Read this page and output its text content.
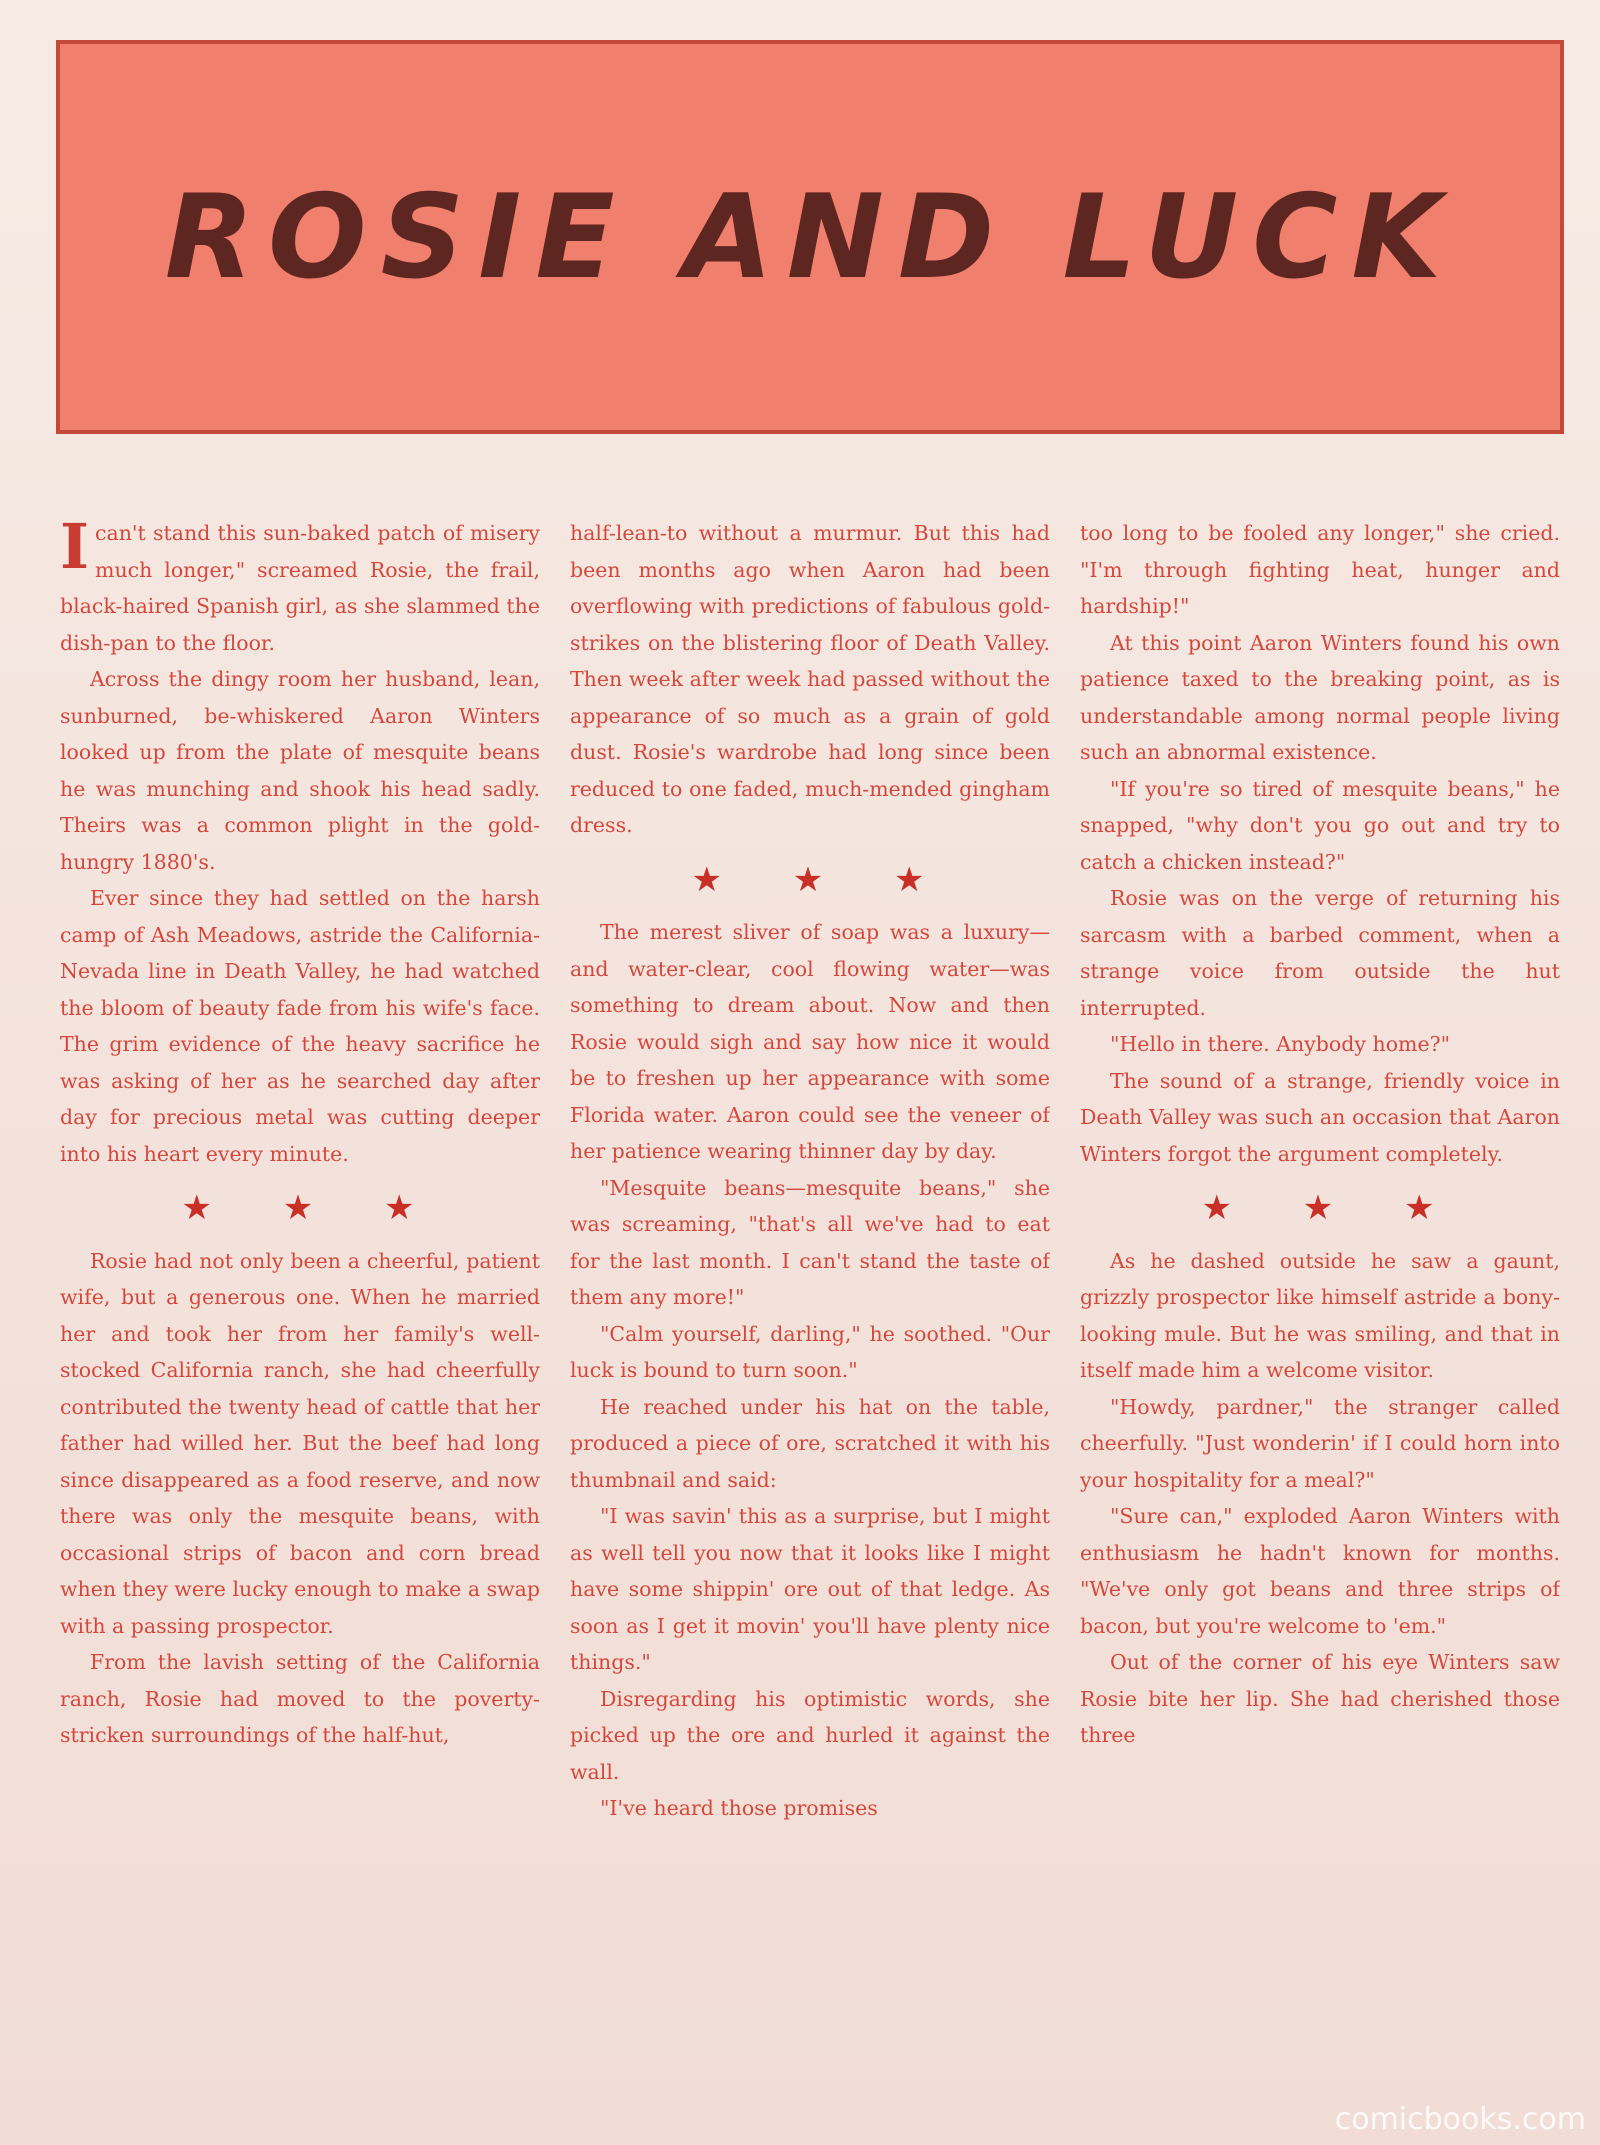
ROSIE AND LUCK

Ican't stand this sun-baked patch of misery much longer," screamed Rosie, the frail, black-haired Spanish girl, as she slammed the dish-pan to the floor.

Across the dingy room her husband, lean, sunburned, be-whiskered Aaron Winters looked up from the plate of mesquite beans he was munching and shook his head sadly. Theirs was a common plight in the gold-hungry 1880's.

Ever since they had settled on the harsh camp of Ash Meadows, astride the California-Nevada line in Death Valley, he had watched the bloom of beauty fade from his wife's face. The grim evidence of the heavy sacrifice he was asking of her as he searched day after day for precious metal was cutting deeper into his heart every minute.

★ ★ ★

Rosie had not only been a cheerful, patient wife, but a generous one. When he married her and took her from her family's well-stocked California ranch, she had cheerfully contributed the twenty head of cattle that her father had willed her. But the beef had long since disappeared as a food reserve, and now there was only the mesquite beans, with occasional strips of bacon and corn bread when they were lucky enough to make a swap with a passing prospector.

From the lavish setting of the California ranch, Rosie had moved to the poverty-stricken surroundings of the half-hut,

half-lean-to without a murmur. But this had been months ago when Aaron had been overflowing with predictions of fabulous gold-strikes on the blistering floor of Death Valley. Then week after week had passed without the appearance of so much as a grain of gold dust. Rosie's wardrobe had long since been reduced to one faded, much-mended gingham dress.

★ ★ ★

The merest sliver of soap was a luxury—and water-clear, cool flowing water—was something to dream about. Now and then Rosie would sigh and say how nice it would be to freshen up her appearance with some Florida water. Aaron could see the veneer of her patience wearing thinner day by day.

"Mesquite beans—mesquite beans," she was screaming, "that's all we've had to eat for the last month. I can't stand the taste of them any more!"

"Calm yourself, darling," he soothed. "Our luck is bound to turn soon."

He reached under his hat on the table, produced a piece of ore, scratched it with his thumbnail and said:

"I was savin' this as a surprise, but I might as well tell you now that it looks like I might have some shippin' ore out of that ledge. As soon as I get it movin' you'll have plenty nice things."

Disregarding his optimistic words, she picked up the ore and hurled it against the wall.

"I've heard those promises

too long to be fooled any longer," she cried. "I'm through fighting heat, hunger and hardship!"

At this point Aaron Winters found his own patience taxed to the breaking point, as is understandable among normal people living such an abnormal existence.

"If you're so tired of mesquite beans," he snapped, "why don't you go out and try to catch a chicken instead?"

Rosie was on the verge of returning his sarcasm with a barbed comment, when a strange voice from outside the hut interrupted.

"Hello in there. Anybody home?"

The sound of a strange, friendly voice in Death Valley was such an occasion that Aaron Winters forgot the argument completely.

★ ★ ★

As he dashed outside he saw a gaunt, grizzly prospector like himself astride a bony-looking mule. But he was smiling, and that in itself made him a welcome visitor.

"Howdy, pardner," the stranger called cheerfully. "Just wonderin' if I could horn into your hospitality for a meal?"

"Sure can," exploded Aaron Winters with enthusiasm he hadn't known for months. "We've only got beans and three strips of bacon, but you're welcome to 'em."

Out of the corner of his eye Winters saw Rosie bite her lip. She had cherished those three

comicbooks.com
